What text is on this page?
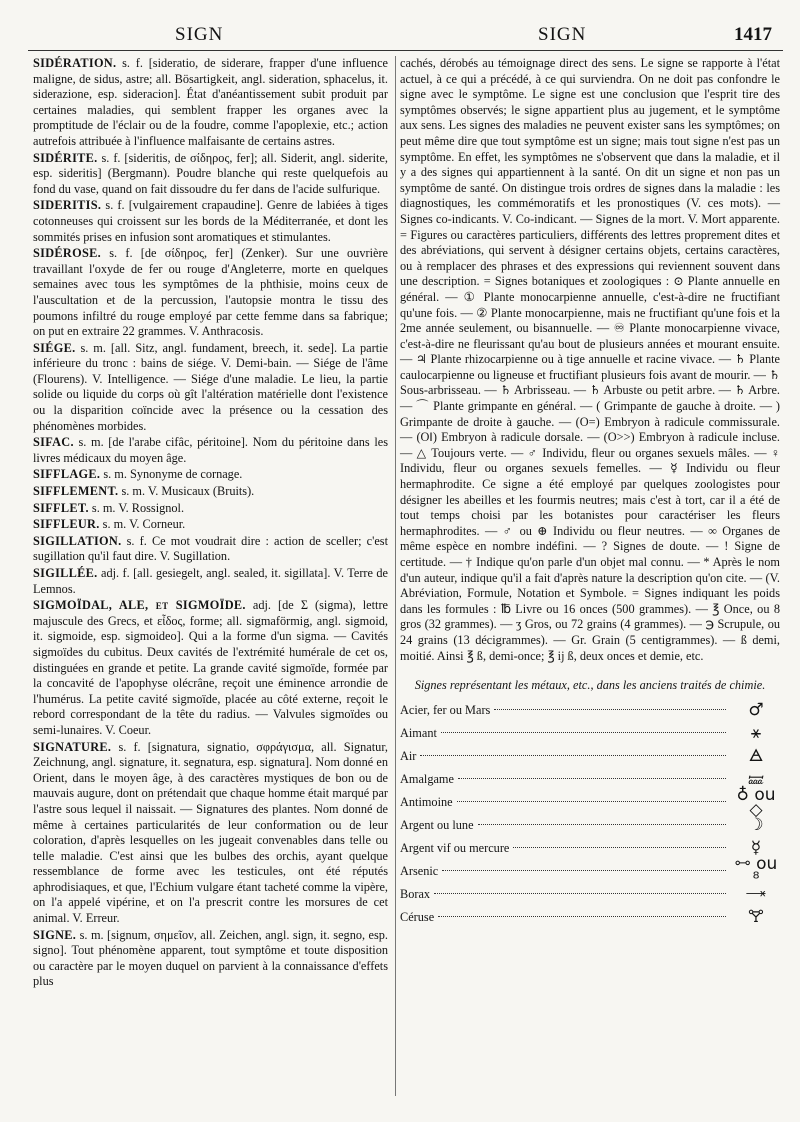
SIGN	SIGN	1417

SIDÉRATION. s. f. [sideratio, de siderare, frapper d'une influence maligne, de sidus, astre; all. Bösartigkeit, angl. sideration, sphacelus, it. siderazione, esp. sideracion]. État d'anéantissement subit produit par certaines maladies, qui semblent frapper les organes avec la promptitude de l'éclair ou de la foudre, comme l'apoplexie, etc.; action autrefois attribuée à l'influence malfaisante de certains astres.

SIDÉRITE. s. f. [sideritis, de σίδηρος, fer]; all. Siderit, angl. siderite, esp. sideritis] (Bergmann). Poudre blanche qui reste quelquefois au fond du vase, quand on fait dissoudre du fer dans de l'acide sulfurique.

SIDERITIS. s. f. [vulgairement crapaudine]. Genre de labiées à tiges cotonneuses qui croissent sur les bords de la Méditerranée, et dont les sommités prises en infusion sont aromatiques et stimulantes.

SIDÉROSE. s. f. [de σίδηρος, fer] (Zenker). Sur une ouvrière travaillant l'oxyde de fer ou rouge d'Angleterre, morte en quelques semaines avec tous les symptômes de la phthisie, moins ceux de l'auscultation et de la percussion, l'autopsie montra le tissu des poumons infiltré du rouge employé par cette femme dans sa fabrique; on put en extraire 22 grammes. V. Anthracosis.

SIÉGE. s. m. [all. Sitz, angl. fundament, breech, it. sede]. La partie inférieure du tronc : bains de siége. V. Demi-bain. — Siége de l'âme (Flourens). V. Intelligence. — Siége d'une maladie. Le lieu, la partie solide ou liquide du corps où gît l'altération matérielle dont l'existence ou la disparition coïncide avec la présence ou la cessation des phénomènes morbides.

SIFAC. s. m. [de l'arabe cifâc, péritoine]. Nom du péritoine dans les livres médicaux du moyen âge.

SIFFLAGE. s. m. Synonyme de cornage.

SIFFLEMENT. s. m. V. Musicaux (Bruits).

SIFFLET. s. m. V. Rossignol.

SIFFLEUR. s. m. V. Corneur.

SIGILLATION. s. f. Ce mot voudrait dire : action de sceller; c'est sugillation qu'il faut dire. V. Sugillation.

SIGILLÉE. adj. f. [all. gesiegelt, angl. sealed, it. sigillata]. V. Terre de Lemnos.

SIGMOÏDAL, ALE, et SIGMOÏDE. adj. [de Σ (sigma), lettre majuscule des Grecs, et εἶδος, forme; all. sigmaförmig, angl. sigmoid, it. sigmoide, esp. sigmoideo]. Qui a la forme d'un sigma. — Cavités sigmoïdes du cubitus. Deux cavités de l'extrémité humérale de cet os, distinguées en grande et petite. La grande cavité sigmoïde, formée par la concavité de l'apophyse olécrâne, reçoit une éminence arrondie de l'humérus. La petite cavité sigmoïde, placée au côté externe, reçoit le rebord correspondant de la tête du radius. — Valvules sigmoïdes ou semi-lunaires. V. Coeur.

SIGNATURE. s. f. [signatura, signatio, σφράγισμα, all. Signatur, Zeichnung, angl. signature, it. segnatura, esp. signatura]. Nom donné en Orient, dans le moyen âge, à des caractères mystiques de bon ou de mauvais augure, dont on prétendait que chaque homme était marqué par l'astre sous lequel il naissait. — Signatures des plantes. Nom donné de même à certaines particularités de leur conformation ou de leur coloration, d'après lesquelles on les jugeait convenables dans telle ou telle maladie. C'est ainsi que les bulbes des orchis, ayant quelque ressemblance de forme avec les testicules, ont été réputés aphrodisiaques, et que, l'Echium vulgare étant tacheté comme la vipère, on l'a appelé vipérine, et on l'a prescrit contre les morsures de cet animal. V. Erreur.

SIGNE. s. m. [signum, σημεῖον, all. Zeichen, angl. sign, it. segno, esp. signo]. Tout phénomène apparent, tout symptôme et toute disposition ou caractère par le moyen duquel on parvient à la connaissance d'effets plus

cachés, dérobés au témoignage direct des sens. Le signe se rapporte à l'état actuel, à ce qui a précédé, à ce qui surviendra. On ne doit pas confondre le signe avec le symptôme. Le signe est une conclusion que l'esprit tire des symptômes observés; le signe appartient plus au jugement, et le symptôme aux sens. Les signes des maladies ne peuvent exister sans les symptômes; on peut même dire que tout symptôme est un signe; mais tout signe n'est pas un symptôme. En effet, les symptômes ne s'observent que dans la maladie, et il y a des signes qui appartiennent à la santé. On dit un signe et non pas un symptôme de santé. On distingue trois ordres de signes dans la maladie : les diagnostiques, les commémoratifs et les pronostiques (V. ces mots). — Signes co-indicants. V. Co-indicant. — Signes de la mort. V. Mort apparente. = Figures ou caractères particuliers, différents des lettres proprement dites et des abréviations, qui servent à désigner certains objets, certains caractères, ou à remplacer des phrases et des expressions qui reviennent souvent dans une description. = Signes botaniques et zoologiques : ⊙ Plante annuelle en général. — ① Plante monocarpienne annuelle, c'est-à-dire ne fructifiant qu'une fois. — ② Plante monocarpienne, mais ne fructifiant qu'une fois et la 2me année seulement, ou bisannuelle. — ♾ Plante monocarpienne vivace, c'est-à-dire ne fleurissant qu'au bout de plusieurs années et mourant ensuite. — ♃ Plante rhizocarpienne ou à tige annuelle et racine vivace. — ♄ Plante caulocarpienne ou ligneuse et fructifiant plusieurs fois avant de mourir. — ♄ Sous-arbrisseau. — ♄ Arbrisseau. — ♄ Arbuste ou petit arbre. — ♄ Arbre. — ⌒ Plante grimpante en général. — ( Grimpante de gauche à droite. — ) Grimpante de droite à gauche. — (O=) Embryon à radicule commissurale. — (O‖) Embryon à radicule dorsale. — (O>>) Embryon à radicule incluse. — △ Toujours verte. — ♂ Individu, fleur ou organes sexuels mâles. — ♀ Individu, fleur ou organes sexuels femelles. — ☿ Individu ou fleur hermaphrodite. Ce signe a été employé par quelques zoologistes pour désigner les abeilles et les fourmis neutres; mais c'est à tort, car il a été de tout temps choisi par les botanistes pour caractériser les fleurs hermaphrodites. — ♂ ou ⊕ Individu ou fleur neutres. — ∞ Organes de même espèce en nombre indéfini. — ? Signes de doute. — ! Signe de certitude. — † Indique qu'on parle d'un objet mal connu. — * Après le nom d'un auteur, indique qu'il a fait d'après nature la description qu'on cite. — (V. Abréviation, Formule, Notation et Symbole. = Signes indiquant les poids dans les formules : ℔ Livre ou 16 onces (500 grammes). — ℥ Once, ou 8 gros (32 grammes). — ʒ Gros, ou 72 grains (4 grammes). — ℈ Scrupule, ou 24 grains (13 décigrammes). — Gr. Grain (5 centigrammes). — ß demi, moitié. Ainsi ℥ ß, demi-once; ℥ ij ß, deux onces et demie, etc.

Signes représentant les métaux, etc., dans les anciens traités de chimie.
Acier, fer ou Mars	♂
Aimant	⚹
Air	🜁
Amalgame	🝛
Antimoine	♁ ou ◇
Argent ou lune	☽
Argent vif ou mercure	☿
Arsenic	🜺 ou ⁸
Borax	🝐
Céruse	🝖
